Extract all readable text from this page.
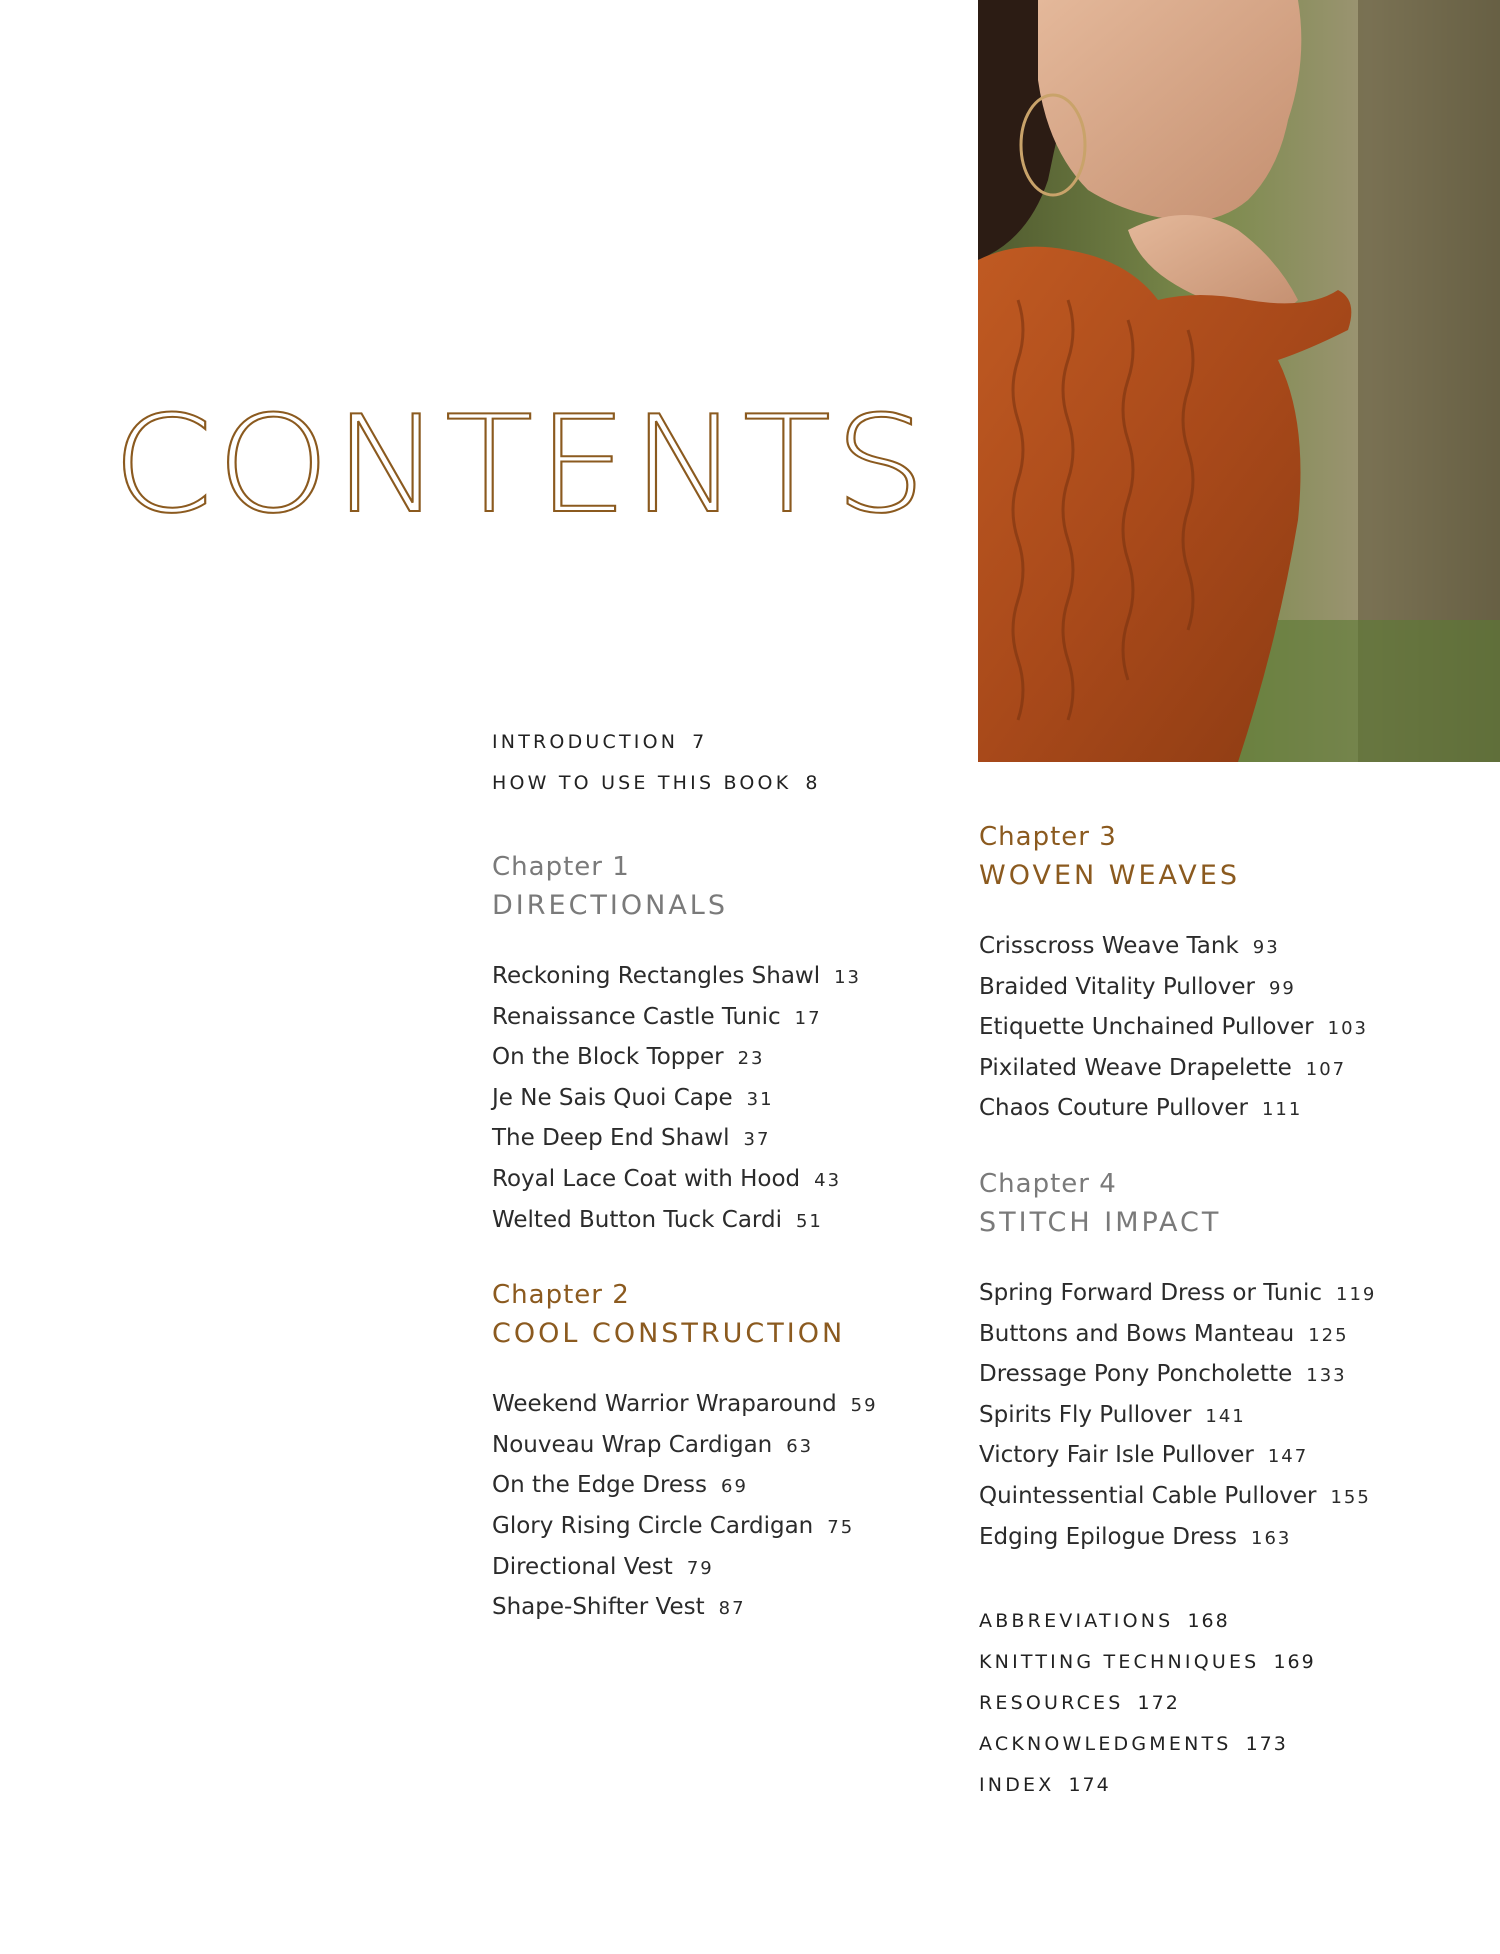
CONTENTS
INTRODUCTION 7
HOW TO USE THIS BOOK 8

Chapter 1

DIRECTIONALS

Reckoning Rectangles Shawl 13
Renaissance Castle Tunic 17
On the Block Topper 23
Je Ne Sais Quoi Cape 31
The Deep End Shawl 37
Royal Lace Coat with Hood 43
Welted Button Tuck Cardi 51

Chapter 2

COOL CONSTRUCTION

Weekend Warrior Wraparound 59
Nouveau Wrap Cardigan 63
On the Edge Dress 69
Glory Rising Circle Cardigan 75
Directional Vest 79
Shape-Shifter Vest 87

Chapter 3

WOVEN WEAVES

Crisscross Weave Tank 93
Braided Vitality Pullover 99
Etiquette Unchained Pullover 103
Pixilated Weave Drapelette 107
Chaos Couture Pullover 111

Chapter 4

STITCH IMPACT

Spring Forward Dress or Tunic 119
Buttons and Bows Manteau 125
Dressage Pony Poncholette 133
Spirits Fly Pullover 141
Victory Fair Isle Pullover 147
Quintessential Cable Pullover 155
Edging Epilogue Dress 163
ABBREVIATIONS 168
KNITTING TECHNIQUES 169
RESOURCES 172
ACKNOWLEDGMENTS 173
INDEX 174
